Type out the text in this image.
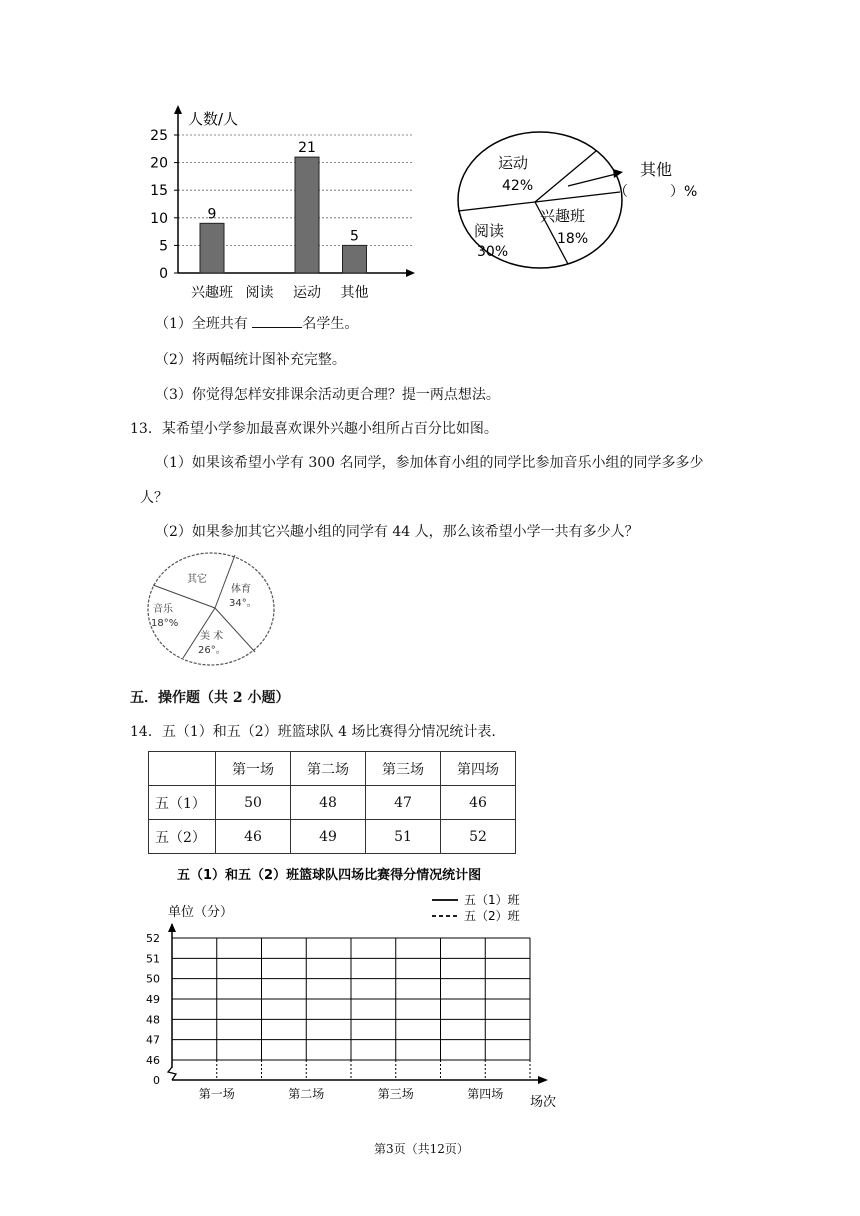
人数/人
0
5
10
15
20
25
9
21
5
兴趣班 阅读 运动 其他
运动
42%
阅读
30%
兴趣班
18%
其他
（　　　）%
（1）全班共有	名学生。
（2）将两幅统计图补充完整。
（3）你觉得怎样安排课余活动更合理？提一两点想法。
13．某希望小学参加最喜欢课外兴趣小组所占百分比如图。
（1）如果该希望小学有 300 名同学，参加体育小组的同学比参加音乐小组的同学多多少
人？
（2）如果参加其它兴趣小组的同学有 44 人，那么该希望小学一共有多少人？
其它
体育
34°。
音乐
18°%
美 术
26°。
五．操作题（共 2 小题）
14．五（1）和五（2）班篮球队 4 场比赛得分情况统计表.
	第一场	第二场	第三场	第四场
五（1）	50	48	47	46
五（2）	46	49	51	52
五（1）和五（2）班篮球队四场比赛得分情况统计图
五（1）班
五（2）班
单位（分）
0
46
47
48
49
50
51
52
第一场	第二场	第三场	第四场
场次
第3页（共12页）
